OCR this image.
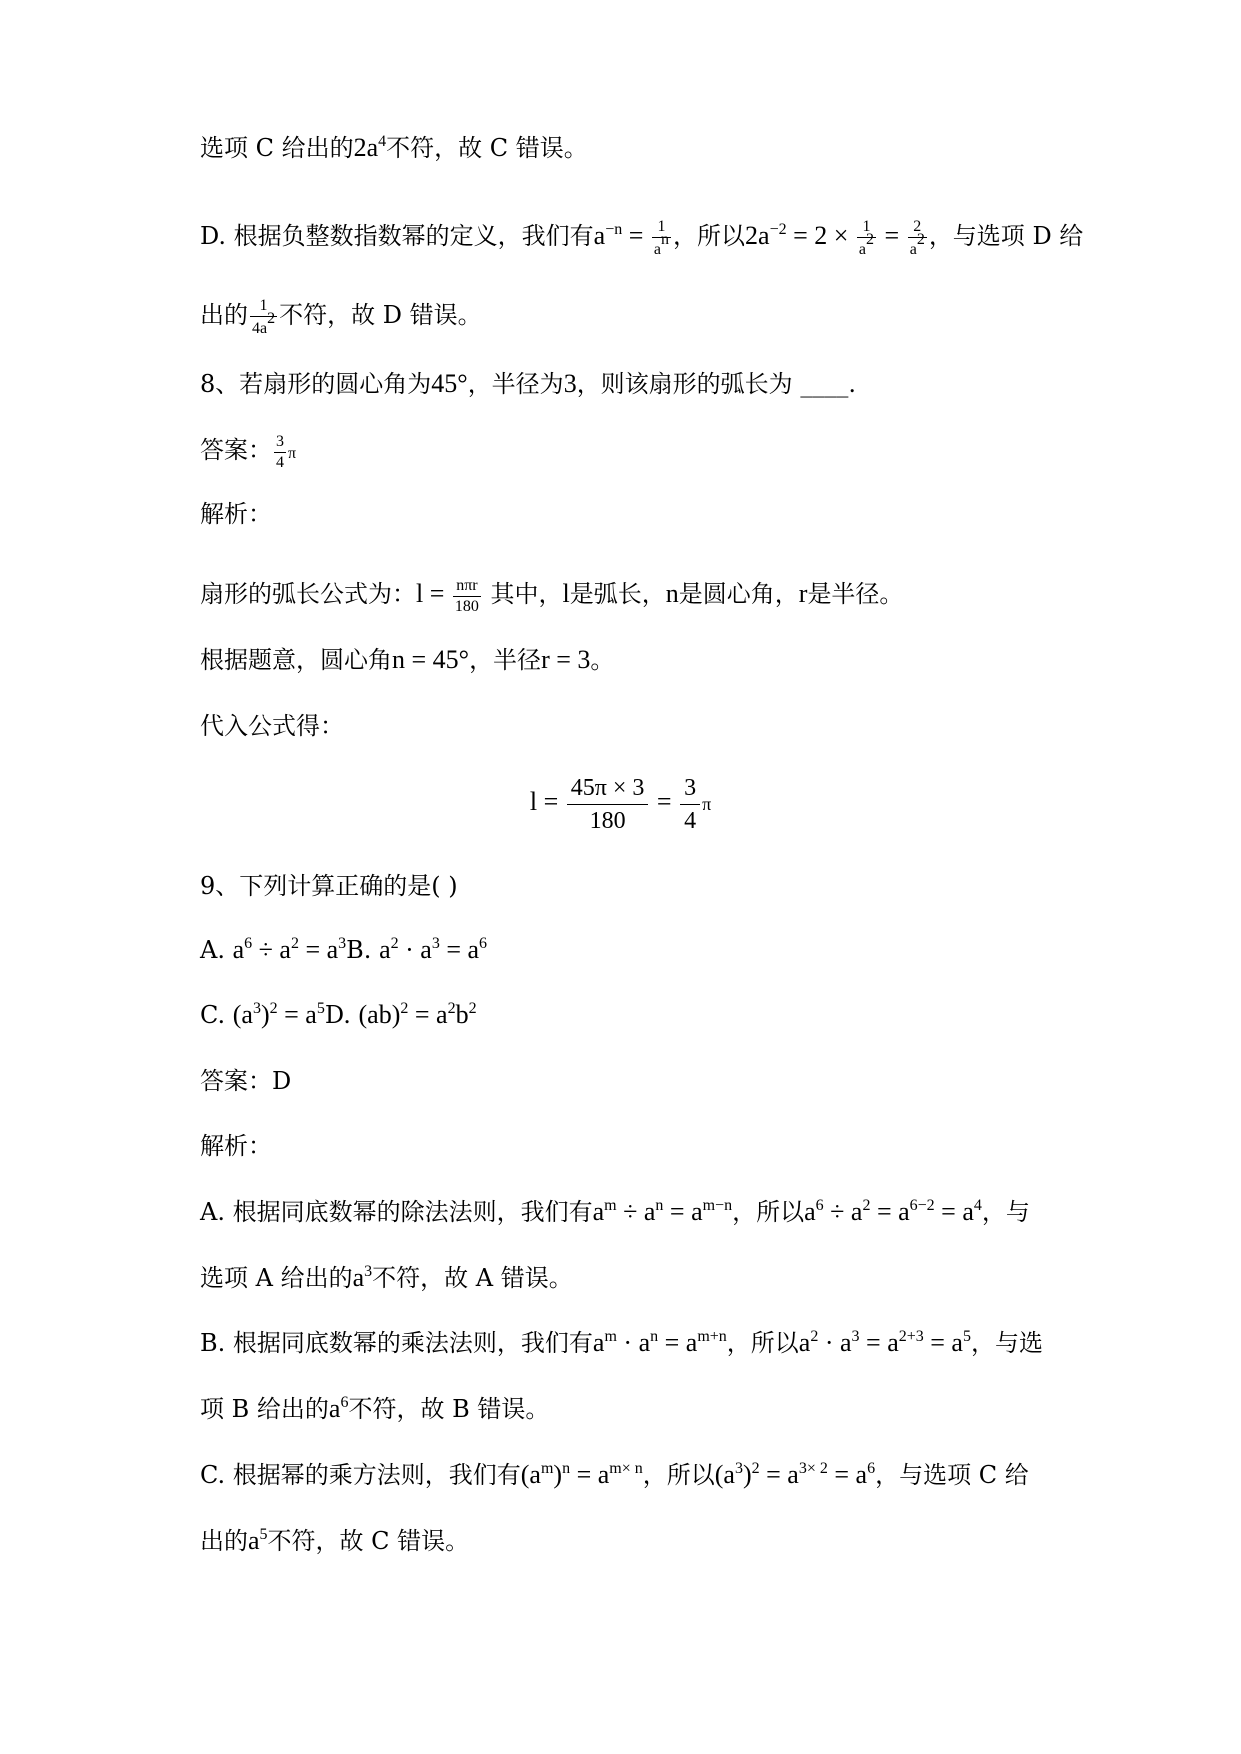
选项 C 给出的$2a^4$不符，故 C 错误。
D. 根据负整数指数幂的定义，我们有$a^{-n} = \frac{1}{a^n}$ ，所以$2a^{-2} = 2 \times \frac{1}{a^2} = \frac{2}{a^2}$ ，与选项 D 给
出的 $\frac{1}{4a^2}$ 不符，故 D 错误。
8、若扇形的圆心角为45°，半径为3，则该扇形的弧长为 ____.
答案： $\frac{3}{4}$ π
解析：
扇形的弧长公式为：$l = \frac{\text{nπr}}{180}$ 其中，l是弧长，n是圆心角，r是半径。
根据题意，圆心角n = 45°，半径r = 3。
代入公式得：
$l = \frac{45\pi \times 3}{180} = \frac{3}{4}$ π
9、下列计算正确的是( )
A. $a^6 \div a^2 = a^3B$. $a^2 \cdot a^3 = a^6$
C. $(a^3)^2 = a^5D$. $(ab)^2 = a^2b^2$
答案：D
解析：
A. 根据同底数幂的除法法则，我们有$a^m \div a^n = a^{m-n}$，所以$a^6 \div a^2 = a^{6-2} = a^4$，与
选项 A 给出的$a^3$不符，故 A 错误。
B. 根据同底数幂的乘法法则，我们有$a^m \cdot a^n = a^{m+n}$，所以$a^2 \cdot a^3 = a^{2+3} = a^5$，与选
项 B 给出的$a^6$不符，故 B 错误。
C. 根据幂的乘方法则，我们有$(a^m)^n = a^{m\times n}$，所以$(a^3)^2 = a^{3\times 2} = a^6$，与选项 C 给
出的$a^5$不符，故 C 错误。
